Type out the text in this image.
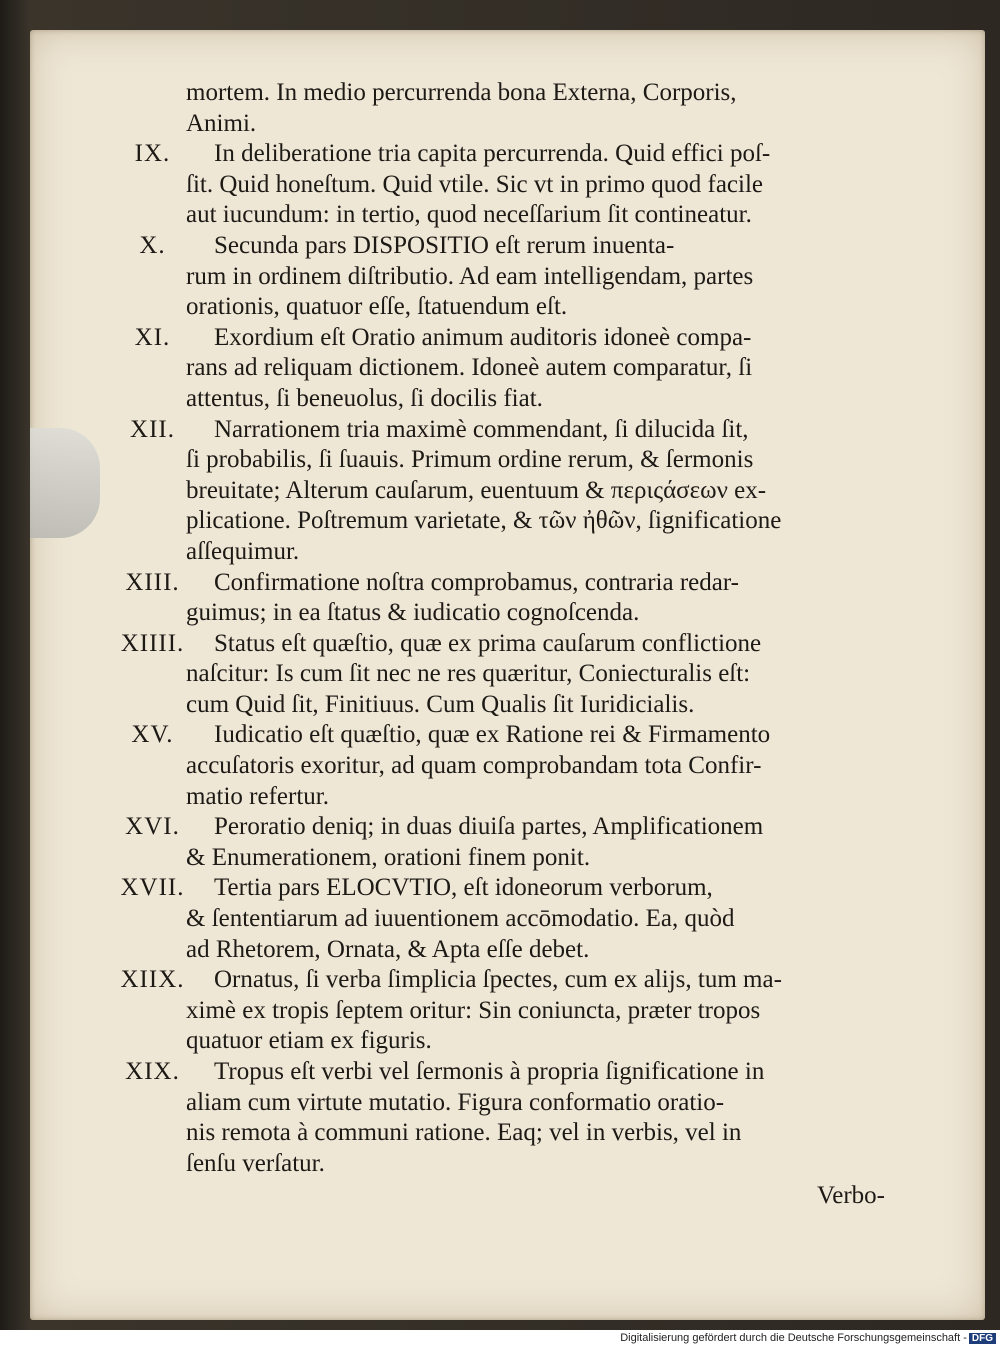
mortem. In medio percurrenda bona Externa, Corporis,
Animi.
IX.	In deliberatione tria capita percurrenda. Quid effici poſ-
ſit. Quid honeſtum. Quid vtile. Sic vt in primo quod facile
aut iucundum: in tertio, quod neceſſarium ſit contineatur.
X.	Secunda pars DISPOSITIO eſt rerum inuenta-
rum in ordinem diſtributio. Ad eam intelligendam, partes
orationis, quatuor eſſe, ſtatuendum eſt.
XI.	Exordium eſt Oratio animum auditoris idoneè compa-
rans ad reliquam dictionem. Idoneè autem comparatur, ſi
attentus, ſi beneuolus, ſi docilis fiat.
XII.	Narrationem tria maximè commendant, ſi dilucida ſit,
ſi probabilis, ſi ſuauis. Primum ordine rerum, & ſermonis
breuitate; Alterum cauſarum, euentuum & περιςάσεων ex-
plicatione. Poſtremum varietate, & τῶν ἠθῶν, ſignificatione
aſſequimur.
XIII.	Confirmatione noſtra comprobamus, contraria redar-
guimus; in ea ſtatus & iudicatio cognoſcenda.
XIIII.	Status eſt quæſtio, quæ ex prima cauſarum conflictione
naſcitur: Is cum ſit nec ne res quæritur, Coniecturalis eſt:
cum Quid ſit, Finitiuus. Cum Qualis ſit Iuridicialis.
XV.	Iudicatio eſt quæſtio, quæ ex Ratione rei & Firmamento
accuſatoris exoritur, ad quam comprobandam tota Confir-
matio refertur.
XVI.	Peroratio deniq; in duas diuiſa partes, Amplificationem
& Enumerationem, orationi finem ponit.
XVII.	Tertia pars ELOCVTIO, eſt idoneorum verborum,
& ſententiarum ad iuuentionem accōmodatio. Ea, quòd
ad Rhetorem, Ornata, & Apta eſſe debet.
XIIX.	Ornatus, ſi verba ſimplicia ſpectes, cum ex alijs, tum ma-
ximè ex tropis ſeptem oritur: Sin coniuncta, præter tropos
quatuor etiam ex figuris.
XIX.	Tropus eſt verbi vel ſermonis à propria ſignificatione in
aliam cum virtute mutatio. Figura conformatio oratio-
nis remota à communi ratione. Eaq; vel in verbis, vel in
ſenſu verſatur.
Verbo-
Digitalisierung gefördert durch die Deutsche Forschungsgemeinschaft - DFG
